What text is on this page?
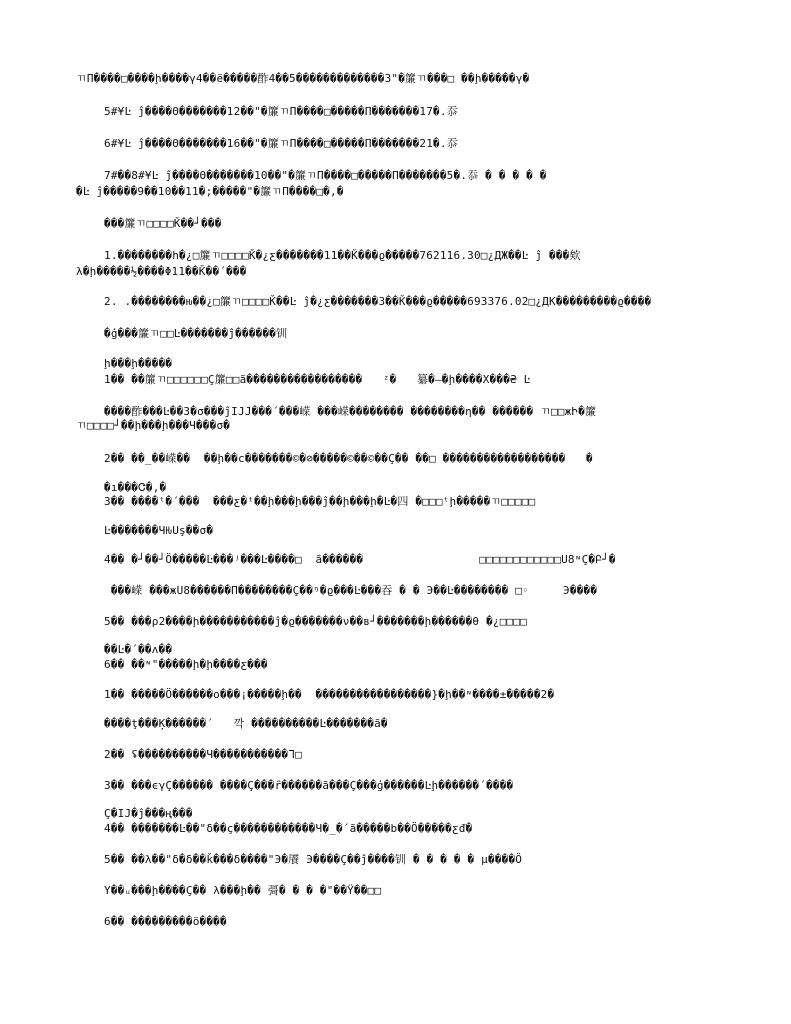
ㄲΠ����□����ḩ����γ4��ё�����酢4��5�������������3"�簾ㄲ���□ ��ḩ�����γ�
5#¥Ŀ ĵ����Θ�������12��"�簾ㄲΠ����□�����Π�������17�.忝
6#¥Ŀ ĵ����Θ�������16��"�簾ㄲΠ����□�����Π�������21�.忝
7#��8#¥Ŀ ĵ����Θ�������10��"�簾ㄲΠ����□�����Π�������5�.忝 � � � � �
�Ŀ ĵ�����9��10��11�;�����"�簾ㄲΠ����□�,�
���簾ㄲ□□□□Ǩ��┘���
1.��������h�¿□簾ㄲ□□□□Ǩ�¿ƹ�������11��Ǩ���ϱ�����762116.30□¿ДЖ��Ŀ ĵ ���欸
λ�ḩ�����½����Φ11��Ǩ��΄���
2. .��������ԋ��¿□簾ㄲ□□□□Ǩ��Ŀ ĵ�¿ƹ�������3��Ǩ���ϱ�����693376.02□¿ДК���������ϱ����
�ģ���簾ㄲ□□Ŀ�������ĵ������钏
ḩ���ḩ�����
1�� ��簾ㄲ□□□□□□Ç簾□□ã�����������������   ᶻ�   纂�—�ḩ����Χ���₴ Ŀ
����酢���Ŀ��3�σ���ĵIJJ���΄���嵘 ���嵘�������� ��������η�� ������ ㄲ□□жԻ�簾
ㄲ□□□□┘��ḩ���ḩ���Ч���σ�
2�� ��_��嵘��  ��ḩ��ϲ�������©�⊘�����©��©��Ç�� ��□ ������������������   �
�ı���Ꮳ�,�
3�� ����ᵗ�΄���  ���ƹ�ᵗ��ḩ���ḩ���ĵ��ḩ���ḩ�Ŀ�四 �□□□ᵗḩ�����ㄲ□□□□□
Ŀ�������ЧԊUş��σ�
4�� �┘��┘Ö�����Ŀ���ʲ���Ŀ����□  ã������                 □□□□□□□□□□□□U8ᶰÇ�Բ┘�
���嵘 ���жU8������П��������Ç��ᵑ�ϱ���Ŀ���吞 � � Э��Ŀ�������� □◦     Э����
5�� ���ρ2����ḩ�����������ĵ�ϱ�������ν��в┘�������ḩ������θ �¿□□□□
��Ŀ�΄��ᴧ��
6�� ��ᶰ"�����ḩ�ḩ����ƹ���
1�� �����Ö������ο���¡�����ḩ��  �����������������}�ḩ��ᶰ����±�����2�
����ţ���Ķ������΄   깍 ����������Ŀ�������ã�
2�� ʢ����������Ч�����������ᒣ□
3�� ���ϵγÇ������ ����Ç���ȓ������ã���Ç���ģ������Ŀḩ������΄����
Ç�IJ�ĵ���ң���
4�� �������Ŀ��"δ��ç������������Ч�_�΄ã�����b��Ö�����ƹđ�
5�� ��λ��"δ�δ��ǩ���δ����"Э�餍 Э����Ç��ĵ����钏 � � � � � µ����Ö
Υ��ᵤ���ḩ����Ç�� λ���ḩ�� 彁� � � �"��Ÿ��□□
6�� ���������ö����
